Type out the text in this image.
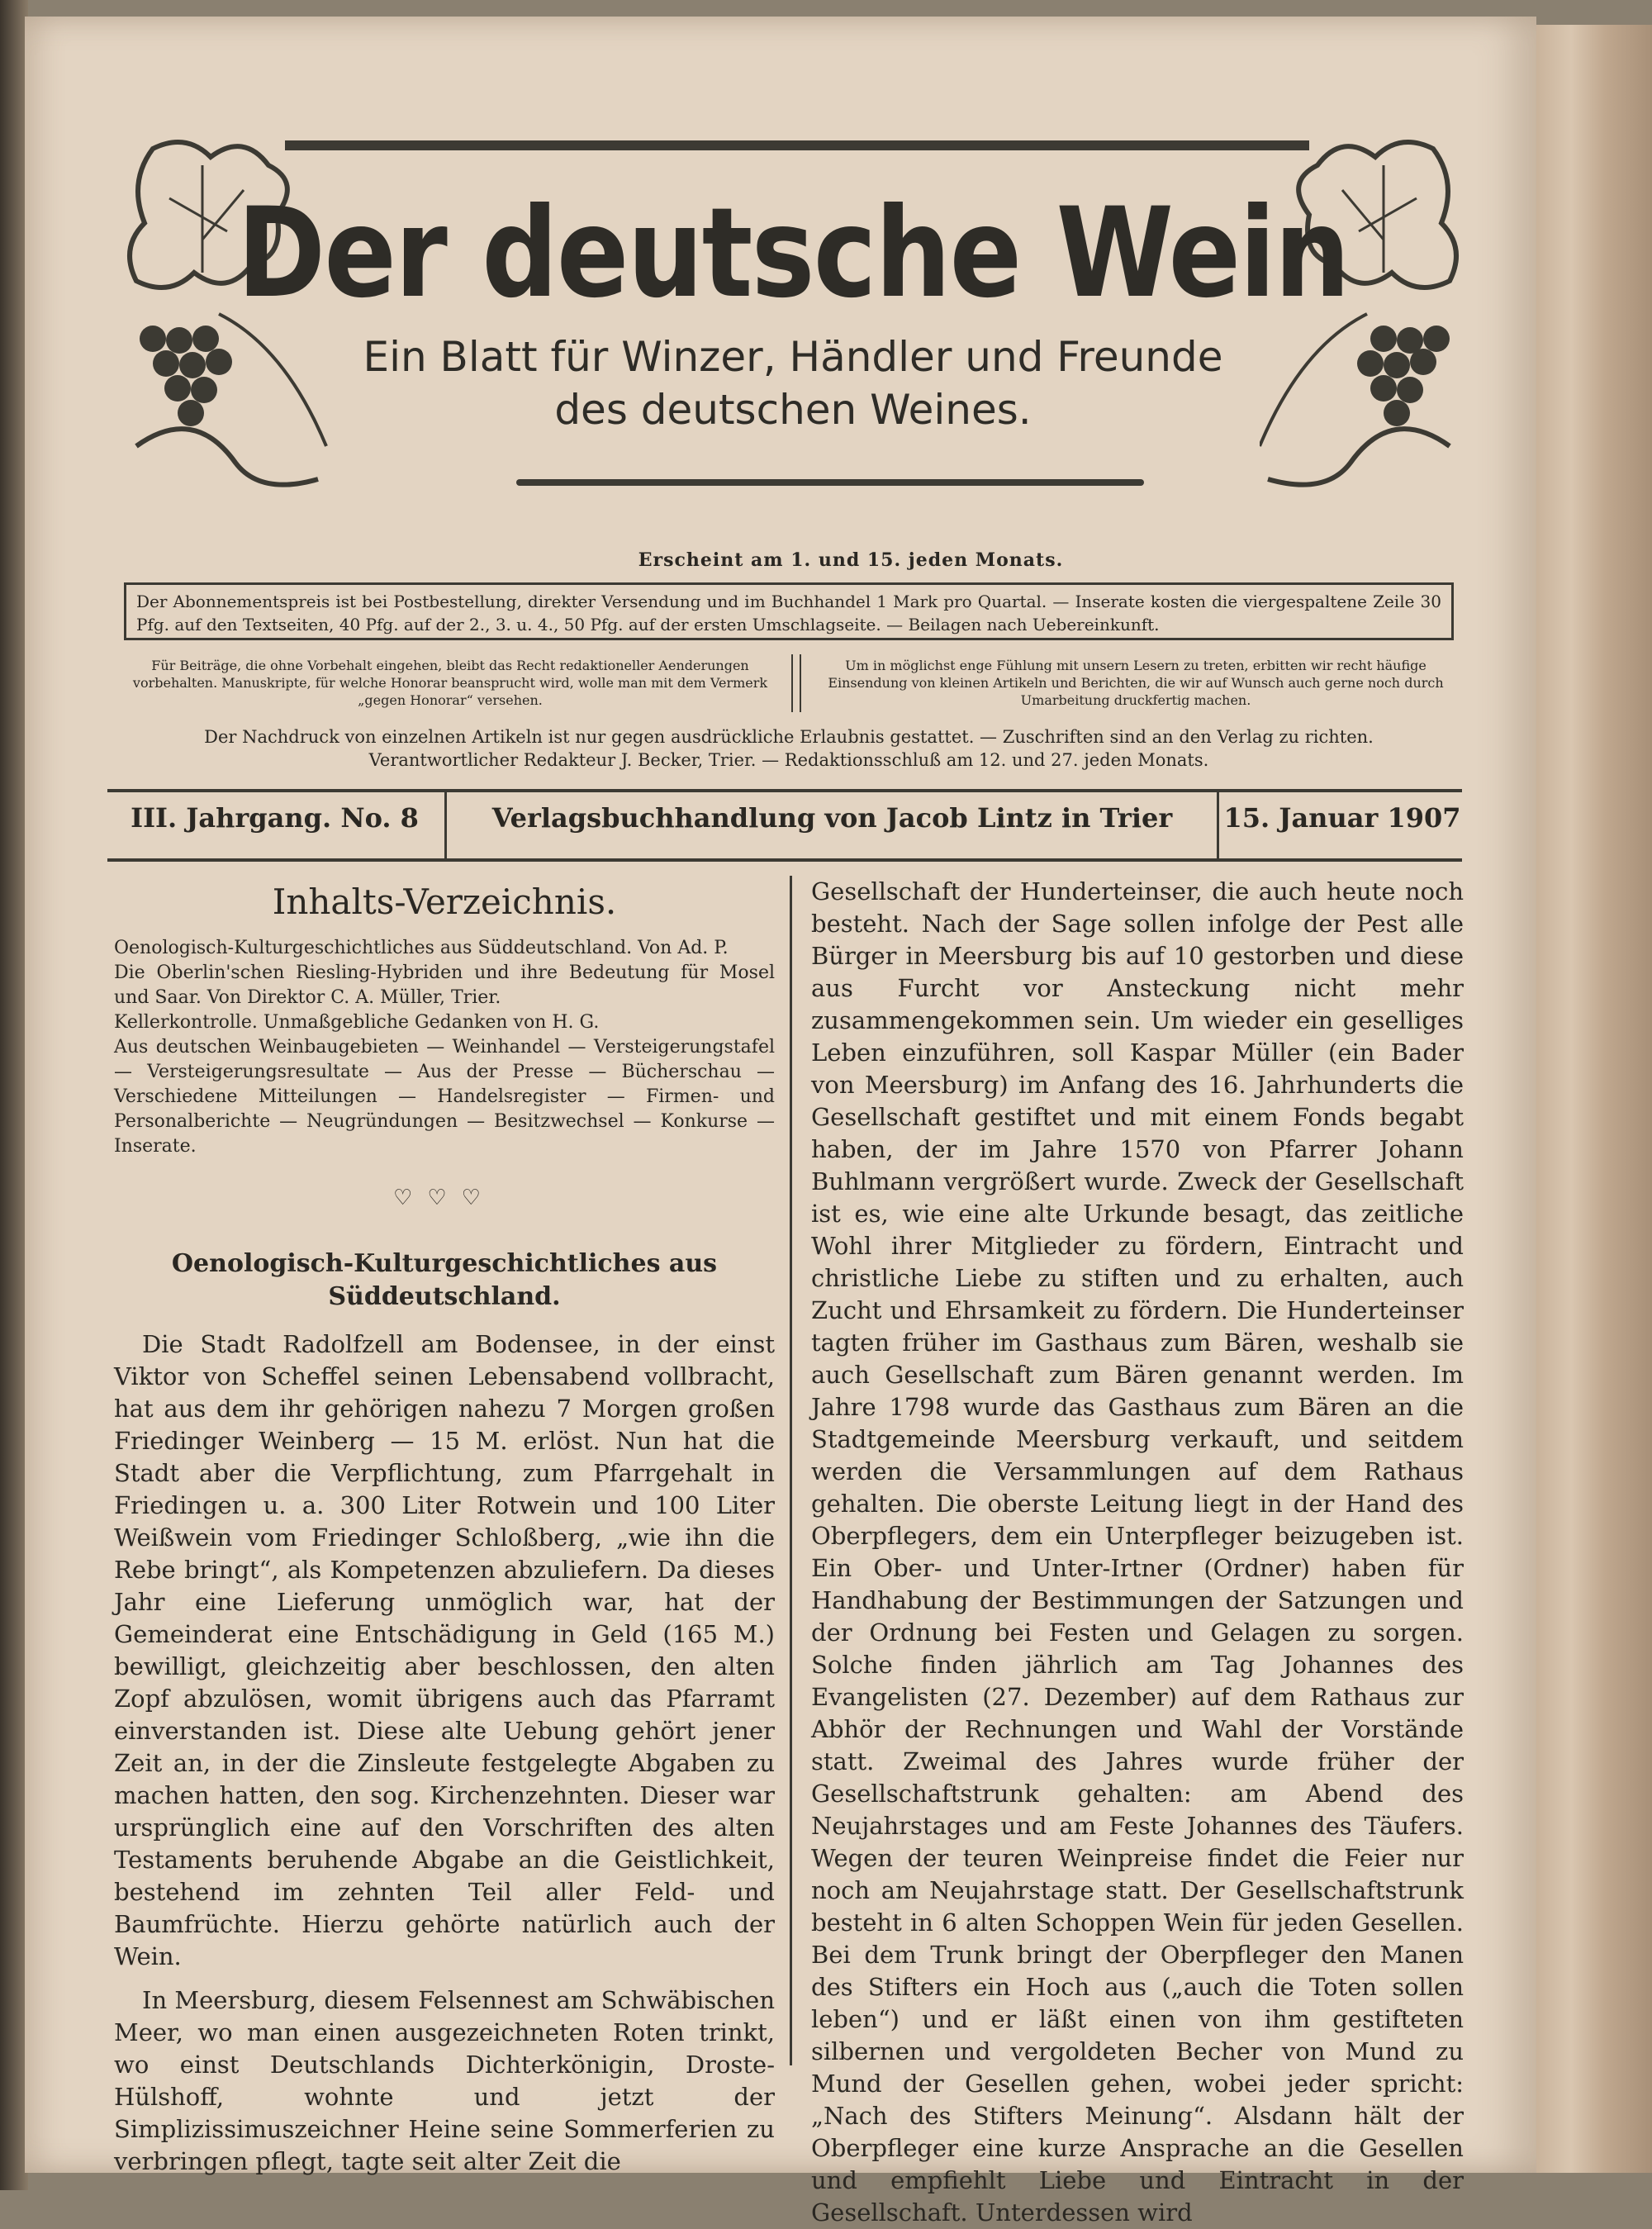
Der deutsche Wein
Ein Blatt für Winzer, Händler und Freunde
des deutschen Weines.
Erscheint am 1. und 15. jeden Monats.
Der Abonnementspreis ist bei Postbestellung, direkter Versendung und im Buchhandel 1 Mark pro Quartal. — Inserate kosten die viergespaltene Zeile 30 Pfg. auf den Textseiten, 40 Pfg. auf der 2., 3. u. 4., 50 Pfg. auf der ersten Umschlagseite. — Beilagen nach Uebereinkunft.
Für Beiträge, die ohne Vorbehalt eingehen, bleibt das Recht redaktioneller Aenderungen vorbehalten. Manuskripte, für welche Honorar beansprucht wird, wolle man mit dem Vermerk „gegen Honorar“ versehen.
Um in möglichst enge Fühlung mit unsern Lesern zu treten, erbitten wir recht häufige Einsendung von kleinen Artikeln und Berichten, die wir auf Wunsch auch gerne noch durch Umarbeitung druckfertig machen.
Der Nachdruck von einzelnen Artikeln ist nur gegen ausdrückliche Erlaubnis gestattet. — Zuschriften sind an den Verlag zu richten.
Verantwortlicher Redakteur J. Becker, Trier. — Redaktionsschluß am 12. und 27. jeden Monats.
III. Jahrgang. No. 8	Verlagsbuchhandlung von Jacob Lintz in Trier	15. Januar 1907
Inhalts-Verzeichnis.

Oenologisch-Kulturgeschichtliches aus Süddeutschland. Von Ad. P.

Die Oberlin'schen Riesling-Hybriden und ihre Bedeutung für Mosel und Saar. Von Direktor C. A. Müller, Trier.

Kellerkontrolle. Unmaßgebliche Gedanken von H. G.

Aus deutschen Weinbaugebieten — Weinhandel — Versteigerungstafel — Versteigerungsresultate — Aus der Presse — Bücherschau — Verschiedene Mitteilungen — Handelsregister — Firmen- und Personalberichte — Neugründungen — Besitzwechsel — Konkurse — Inserate.

♡♡♡
Oenologisch-Kulturgeschichtliches aus
Süddeutschland.

Die Stadt Radolfzell am Bodensee, in der einst Viktor von Scheffel seinen Lebensabend vollbracht, hat aus dem ihr gehörigen nahezu 7 Morgen großen Friedinger Weinberg — 15 M. erlöst. Nun hat die Stadt aber die Verpflichtung, zum Pfarrgehalt in Friedingen u. a. 300 Liter Rotwein und 100 Liter Weißwein vom Friedinger Schloßberg, „wie ihn die Rebe bringt“, als Kompetenzen abzuliefern. Da dieses Jahr eine Lieferung unmöglich war, hat der Gemeinderat eine Entschädigung in Geld (165 M.) bewilligt, gleichzeitig aber beschlossen, den alten Zopf abzulösen, womit übrigens auch das Pfarramt einverstanden ist. Diese alte Uebung gehört jener Zeit an, in der die Zinsleute festgelegte Abgaben zu machen hatten, den sog. Kirchenzehnten. Dieser war ursprünglich eine auf den Vorschriften des alten Testaments beruhende Abgabe an die Geistlichkeit, bestehend im zehnten Teil aller Feld- und Baumfrüchte. Hierzu gehörte natürlich auch der Wein.

In Meersburg, diesem Felsennest am Schwäbischen Meer, wo man einen ausgezeichneten Roten trinkt, wo einst Deutschlands Dichterkönigin, Droste-Hülshoff, wohnte und jetzt der Simplizissimuszeichner Heine seine Sommerferien zu verbringen pflegt, tagte seit alter Zeit die

Gesellschaft der Hunderteinser, die auch heute noch besteht. Nach der Sage sollen infolge der Pest alle Bürger in Meersburg bis auf 10 gestorben und diese aus Furcht vor Ansteckung nicht mehr zusammengekommen sein. Um wieder ein geselliges Leben einzuführen, soll Kaspar Müller (ein Bader von Meersburg) im Anfang des 16. Jahrhunderts die Gesellschaft gestiftet und mit einem Fonds begabt haben, der im Jahre 1570 von Pfarrer Johann Buhlmann vergrößert wurde. Zweck der Gesellschaft ist es, wie eine alte Urkunde besagt, das zeitliche Wohl ihrer Mitglieder zu fördern, Eintracht und christliche Liebe zu stiften und zu erhalten, auch Zucht und Ehrsamkeit zu fördern. Die Hunderteinser tagten früher im Gasthaus zum Bären, weshalb sie auch Gesellschaft zum Bären genannt werden. Im Jahre 1798 wurde das Gasthaus zum Bären an die Stadtgemeinde Meersburg verkauft, und seitdem werden die Versammlungen auf dem Rathaus gehalten. Die oberste Leitung liegt in der Hand des Oberpflegers, dem ein Unterpfleger beizugeben ist. Ein Ober- und Unter-Irtner (Ordner) haben für Handhabung der Bestimmungen der Satzungen und der Ordnung bei Festen und Gelagen zu sorgen. Solche finden jährlich am Tag Johannes des Evangelisten (27. Dezember) auf dem Rathaus zur Abhör der Rechnungen und Wahl der Vorstände statt. Zweimal des Jahres wurde früher der Gesellschaftstrunk gehalten: am Abend des Neujahrstages und am Feste Johannes des Täufers. Wegen der teuren Weinpreise findet die Feier nur noch am Neujahrstage statt. Der Gesellschaftstrunk besteht in 6 alten Schoppen Wein für jeden Gesellen. Bei dem Trunk bringt der Oberpfleger den Manen des Stifters ein Hoch aus („auch die Toten sollen leben“) und er läßt einen von ihm gestifteten silbernen und vergoldeten Becher von Mund zu Mund der Gesellen gehen, wobei jeder spricht: „Nach des Stifters Meinung“. Alsdann hält der Oberpfleger eine kurze Ansprache an die Gesellen und empfiehlt Liebe und Eintracht in der Gesellschaft. Unterdessen wird
